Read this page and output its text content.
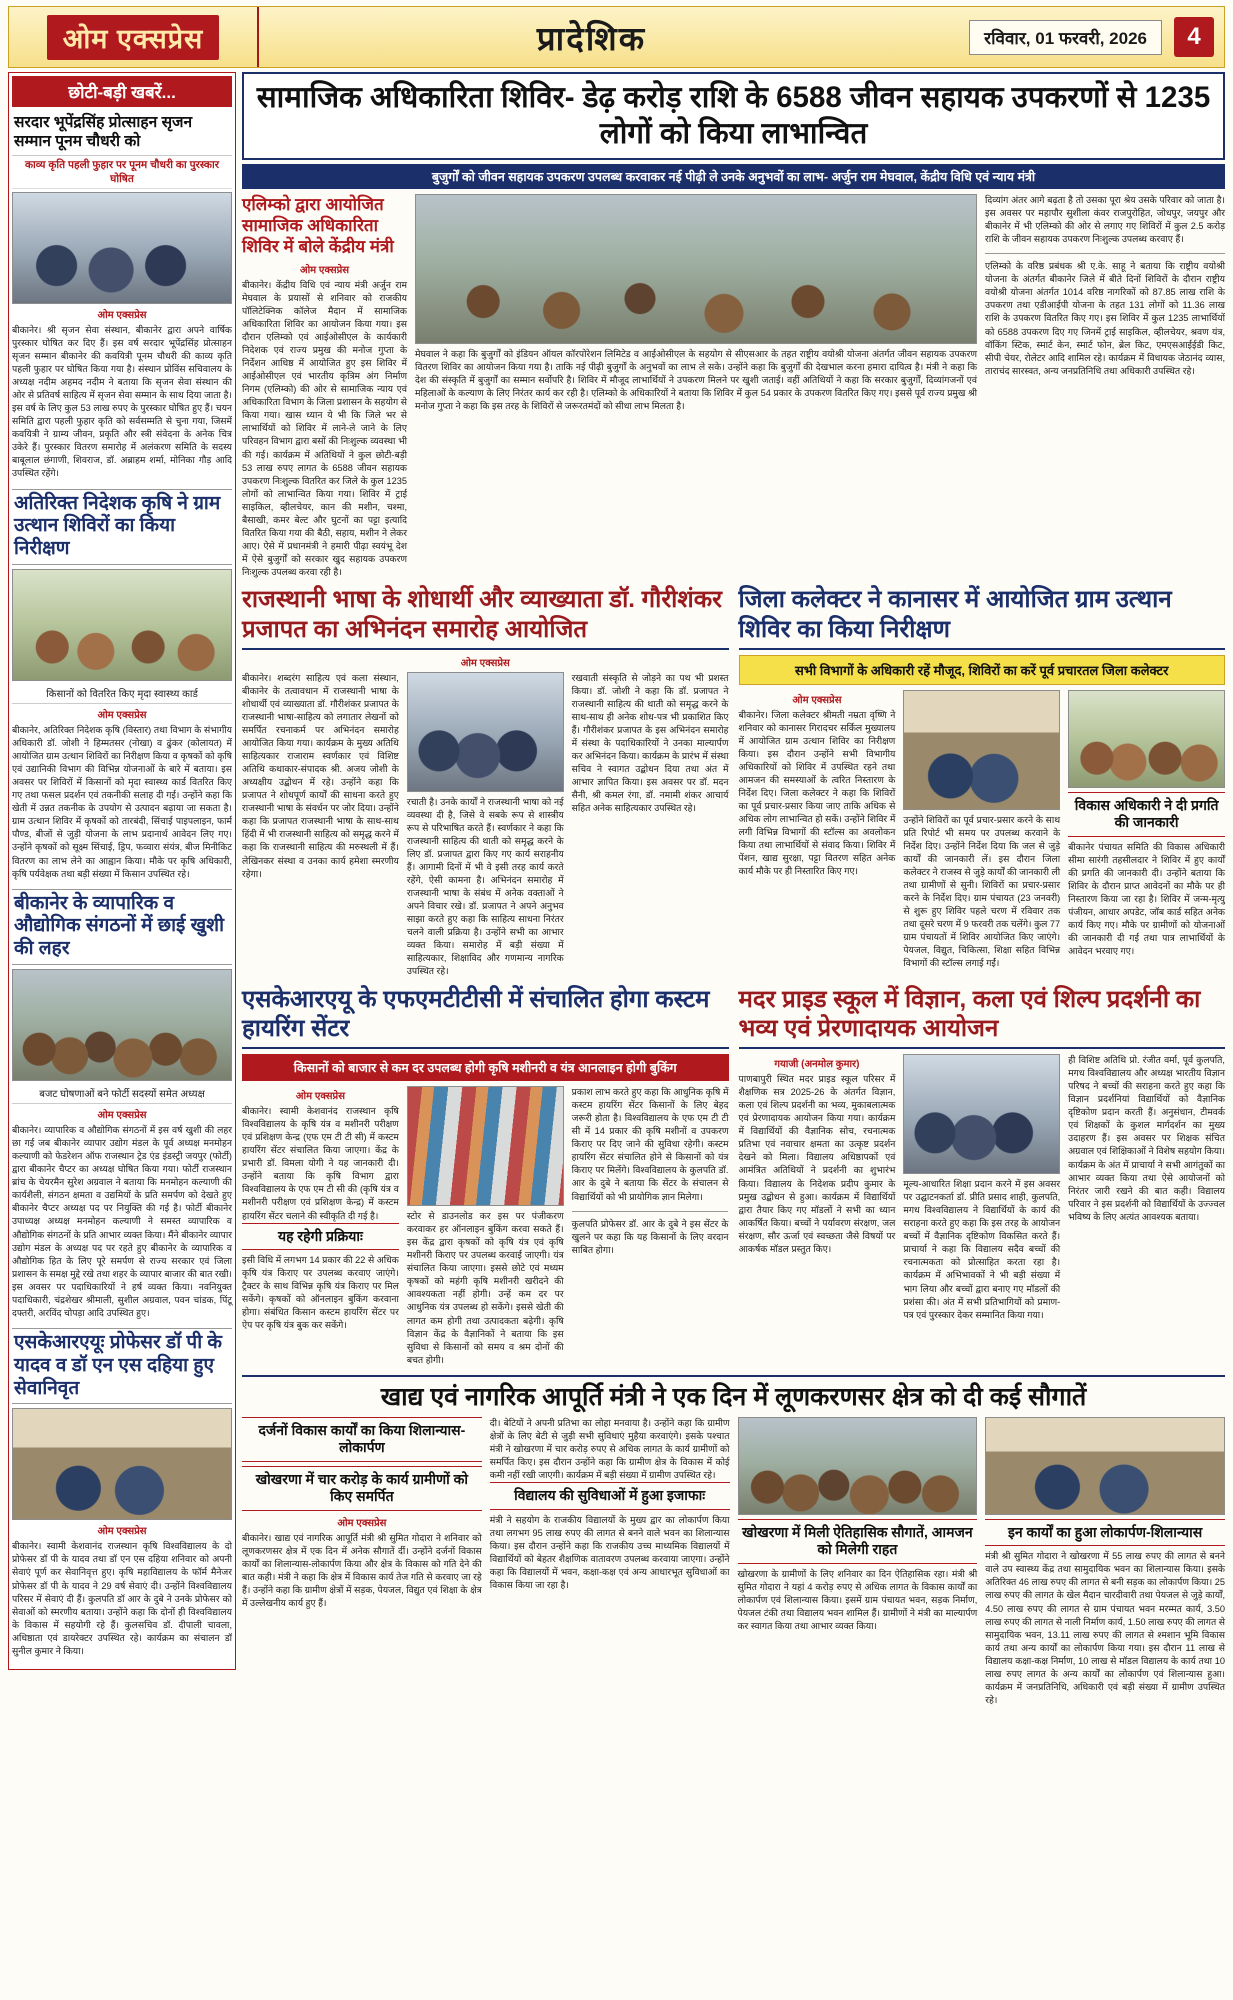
ओम एक्सप्रेस	प्रादेशिक	रविवार, 01 फरवरी, 2026	4
छोटी-बड़ी खबरें...
सरदार भूपेंद्रसिंह प्रोत्साहन सृजन सम्मान पूनम चौधरी को
काव्य कृति पहली फुहार पर पूनम चौधरी का पुरस्कार घोषित
ओम एक्सप्रेस
बीकानेर। श्री सृजन सेवा संस्थान, बीकानेर द्वारा अपने वार्षिक पुरस्कार घोषित कर दिए हैं। इस वर्ष सरदार भूपेंद्रसिंह प्रोत्साहन सृजन सम्मान बीकानेर की कवयित्री पूनम चौधरी की काव्य कृति पहली फुहार पर घोषित किया गया है। संस्थान प्रोविंस सचिवालय के अध्यक्ष नदीम अहमद नदीम ने बताया कि सृजन सेवा संस्थान की ओर से प्रतिवर्ष साहित्य में सृजन सेवा सम्मान के साथ दिया जाता है। इस वर्ष के लिए कुल 53 लाख रुपए के पुरस्कार घोषित हुए हैं। चयन समिति द्वारा पहली फुहार कृति को सर्वसम्मति से चुना गया, जिसमें कवयित्री ने ग्राम्य जीवन, प्रकृति और स्त्री संवेदना के अनेक चित्र उकेरे हैं। पुरस्कार वितरण समारोह में अलंकरण समिति के सदस्य बाबूलाल छंगाणी, शिवराज, डॉ. अब्राहम शर्मा, मोनिका गौड़ आदि उपस्थित रहेंगे।
अतिरिक्त निदेशक कृषि ने ग्राम उत्थान शिविरों का किया निरीक्षण
किसानों को वितरित किए मृदा स्वास्थ्य कार्ड
ओम एक्सप्रेस
बीकानेर, अतिरिक्त निदेशक कृषि (विस्तार) तथा विभाग के संभागीय अधिकारी डॉ. जोशी ने हिम्मतसर (नोखा) व ढुंकर (कोलायत) में आयोजित ग्राम उत्थान शिविरों का निरीक्षण किया व कृषकों को कृषि एवं उद्यानिकी विभाग की विभिन्न योजनाओं के बारे में बताया। इस अवसर पर शिविरों में किसानों को मृदा स्वास्थ्य कार्ड वितरित किए गए तथा फसल प्रदर्शन एवं तकनीकी सलाह दी गई। उन्होंने कहा कि खेती में उन्नत तकनीक के उपयोग से उत्पादन बढ़ाया जा सकता है। ग्राम उत्थान शिविर में कृषकों को तारबंदी, सिंचाई पाइपलाइन, फार्म पौण्ड, बीजों से जुड़ी योजना के लाभ प्रदानार्थ आवेदन लिए गए। उन्होंने कृषकों को सूक्ष्म सिंचाई, ड्रिप, फव्वारा संयंत्र, बीज मिनीकिट वितरण का लाभ लेने का आह्वान किया। मौके पर कृषि अधिकारी, कृषि पर्यवेक्षक तथा बड़ी संख्या में किसान उपस्थित रहे।
बीकानेर के व्यापारिक व औद्योगिक संगठनों में छाई खुशी की लहर
बजट घोषणाओं बने फोर्टी सदस्यों समेत अध्यक्ष
ओम एक्सप्रेस
बीकानेर। व्यापारिक व औद्योगिक संगठनों में इस वर्ष खुशी की लहर छा गई जब बीकानेर व्यापार उद्योग मंडल के पूर्व अध्यक्ष मनमोहन कल्याणी को फेडरेशन ऑफ राजस्थान ट्रेड एंड इंडस्ट्री जयपुर (फोर्टी) द्वारा बीकानेर चैप्टर का अध्यक्ष घोषित किया गया। फोर्टी राजस्थान ब्रांच के चेयरमैन सुरेश अग्रवाल ने बताया कि मनमोहन कल्याणी की कार्यशैली, संगठन क्षमता व उद्यमियों के प्रति समर्पण को देखते हुए बीकानेर चैप्टर अध्यक्ष पद पर नियुक्ति की गई है। फोर्टी बीकानेर उपाध्यक्ष अध्यक्ष मनमोहन कल्याणी ने समस्त व्यापारिक व औद्योगिक संगठनों के प्रति आभार व्यक्त किया। मैंने बीकानेर व्यापार उद्योग मंडल के अध्यक्ष पद पर रहते हुए बीकानेर के व्यापारिक व औद्योगिक हित के लिए पूरे समर्पण से राज्य सरकार एवं जिला प्रशासन के समक्ष मुद्दे रखे तथा शहर के व्यापार बाजार की बात रखी। इस अवसर पर पदाधिकारियों ने हर्ष व्यक्त किया। नवनियुक्त पदाधिकारी, चंद्रशेखर श्रीमाली, सुशील अग्रवाल, पवन चांडक, पिंटू दफ्तरी, अरविंद चोपड़ा आदि उपस्थित हुए।
एसकेआरएयूः प्रोफेसर डॉ पी के यादव व डॉ एन एस दहिया हुए सेवानिवृत
ओम एक्सप्रेस
बीकानेर। स्वामी केशवानंद राजस्थान कृषि विश्वविद्यालय के दो प्रोफेसर डॉ पी के यादव तथा डॉ एन एस दहिया शनिवार को अपनी सेवाएं पूर्ण कर सेवानिवृत्त हुए। कृषि महाविद्यालय के फॉर्म मैनेजर प्रोफेसर डॉ पी के यादव ने 29 वर्ष सेवाएं दी। उन्होंने विश्वविद्यालय परिसर में सेवाएं दी हैं। कुलपति डॉ आर के दुबे ने उनके प्रोफेसर को सेवाओं को स्मरणीय बताया। उन्होंने कहा कि दोनों ही विश्वविद्यालय के विकास में सहयोगी रहे हैं। कुलसचिव डॉ. दीपाली चावला, अधिष्ठाता एवं डायरेक्टर उपस्थित रहे। कार्यक्रम का संचालन डॉ सुनील कुमार ने किया।
सामाजिक अधिकारिता शिविर- डेढ़ करोड़ राशि के 6588 जीवन सहायक उपकरणों से 1235 लोगों को किया लाभान्वित
बुजुर्गों को जीवन सहायक उपकरण उपलब्ध करवाकर नई पीढ़ी ले उनके अनुभवों का लाभ- अर्जुन राम मेघवाल, केंद्रीय विधि एवं न्याय मंत्री
एलिम्को द्वारा आयोजित सामाजिक अधिकारिता शिविर में बोले केंद्रीय मंत्री
ओम एक्सप्रेस
बीकानेर। केंद्रीय विधि एवं न्याय मंत्री अर्जुन राम मेघवाल के प्रयासों से शनिवार को राजकीय पॉलिटेक्निक कॉलेज मैदान में सामाजिक अधिकारिता शिविर का आयोजन किया गया। इस दौरान एलिम्को एवं आईओसीएल के कार्यकारी निदेशक एवं राज्य प्रमुख की मनोज गुप्ता के निर्देशन आधिष्ठ में आयोजित हुए इस शिविर में आईओसीएल एवं भारतीय कृत्रिम अंग निर्माण निगम (एलिम्को) की ओर से सामाजिक न्याय एवं अधिकारिता विभाग के जिला प्रशासन के सहयोग से किया गया। खास ध्यान ये भी कि जिले भर से लाभार्थियों को शिविर में लाने-ले जाने के लिए परिवहन विभाग द्वारा बसों की निःशुल्क व्यवस्था भी की गई। कार्यक्रम में अतिथियों ने कुल छोटी-बड़ी 53 लाख रुपए लागत के 6588 जीवन सहायक उपकरण निःशुल्क वितरित कर जिले के कुल 1235 लोगों को लाभान्वित किया गया। शिविर में ट्राई साइकिल, व्हीलचेयर, कान की मशीन, चश्मा, बैसाखी, कमर बेल्ट और घुटनों का पट्टा इत्यादि वितरित किया गया की बैठी, सहाय, मशीन ने लेकर आए। ऐसे में प्रधानमंत्री ने हमारी पीढ़ा स्वयंभू देश में ऐसे बुजुर्गों को सरकार खुद सहायक उपकरण निःशुल्क उपलब्ध करवा रही है।
मेघवाल ने कहा कि बुजुर्गों को इंडियन ऑयल कॉरपोरेशन लिमिटेड व आईओसीएल के सहयोग से सीएसआर के तहत राष्ट्रीय वयोश्री योजना अंतर्गत जीवन सहायक उपकरण वितरण शिविर का आयोजन किया गया है। ताकि नई पीढ़ी बुजुर्गों के अनुभवों का लाभ ले सके। उन्होंने कहा कि बुजुर्गों की देखभाल करना हमारा दायित्व है। मंत्री ने कहा कि देश की संस्कृति में बुजुर्गों का सम्मान सर्वोपरि है। शिविर में मौजूद लाभार्थियों ने उपकरण मिलने पर खुशी जताई। वहीं अतिथियों ने कहा कि सरकार बुजुर्गों, दिव्यांगजनों एवं महिलाओं के कल्याण के लिए निरंतर कार्य कर रही है। एलिम्को के अधिकारियों ने बताया कि शिविर में कुल 54 प्रकार के उपकरण वितरित किए गए। इससे पूर्व राज्य प्रमुख श्री मनोज गुप्ता ने कहा कि इस तरह के शिविरों से जरूरतमंदों को सीधा लाभ मिलता है।
दिव्यांग अंतर आगे बढ़ता है तो उसका पूरा श्रेय उसके परिवार को जाता है। इस अवसर पर महापौर सुशीला कंवर राजपुरोहित, जोधपुर, जयपुर और बीकानेर में भी एलिम्को की ओर से लगाए गए शिविरों में कुल 2.5 करोड़ राशि के जीवन सहायक उपकरण निःशुल्क उपलब्ध करवाए हैं।
एलिम्को के वरिष्ठ प्रबंधक श्री ए.के. साहू ने बताया कि राष्ट्रीय वयोश्री योजना के अंतर्गत बीकानेर जिले में बीते दिनों शिविरों के दौरान राष्ट्रीय वयोश्री योजना अंतर्गत 1014 वरिष्ठ नागरिकों को 87.85 लाख राशि के उपकरण तथा एडीआईपी योजना के तहत 131 लोगों को 11.36 लाख राशि के उपकरण वितरित किए गए। इस शिविर में कुल 1235 लाभार्थियों को 6588 उपकरण दिए गए जिनमें ट्राई साइकिल, व्हीलचेयर, श्रवण यंत्र, वॉकिंग स्टिक, स्मार्ट केन, स्मार्ट फोन, ब्रेल किट, एमएसआईईडी किट, सीपी चेयर, रोलेटर आदि शामिल रहे। कार्यक्रम में विधायक जेठानंद व्यास, ताराचंद सारस्वत, अन्य जनप्रतिनिधि तथा अधिकारी उपस्थित रहे।
राजस्थानी भाषा के शोधार्थी और व्याख्याता डॉ. गौरीशंकर प्रजापत का अभिनंदन समारोह आयोजित
ओम एक्सप्रेस
बीकानेर। शब्दरंग साहित्य एवं कला संस्थान, बीकानेर के तत्वावधान में राजस्थानी भाषा के शोधार्थी एवं व्याख्याता डॉ. गौरीशंकर प्रजापत के राजस्थानी भाषा-साहित्य को लगातार लेखनों को समर्पित रचनाकर्म पर अभिनंदन समारोह आयोजित किया गया। कार्यक्रम के मुख्य अतिथि साहित्यकार राजाराम स्वर्णकार एवं विशिष्ट अतिथि कथाकार-संपादक श्री. अजय जोशी के अध्यक्षीय उद्बोधन में रहे। उन्होंने कहा कि प्रजापत ने शोधपूर्ण कार्यों की साधना करते हुए राजस्थानी भाषा के संवर्धन पर जोर दिया। उन्होंने कहा कि प्रजापत राजस्थानी भाषा के साथ-साथ हिंदी में भी राजस्थानी साहित्य को समृद्ध करने में कहा कि राजस्थानी साहित्य की मरुस्थली में हैं। लेखिनकर संस्था व उनका कार्य हमेशा स्मरणीय रहेगा।
रचाती है। उनके कार्यों ने राजस्थानी भाषा को नई व्यवस्था दी है, जिसे वे सबके रूप से शास्त्रीय रूप से परिभाषित करते हैं। स्वर्णकार ने कहा कि राजस्थानी साहित्य की थाती को समृद्ध करने के लिए डॉ. प्रजापत द्वारा किए गए कार्य सराहनीय हैं। आगामी दिनों में भी वे इसी तरह कार्य करते रहेंगे, ऐसी कामना है। अभिनंदन समारोह में राजस्थानी भाषा के संबंध में अनेक वक्ताओं ने अपने विचार रखे। डॉ. प्रजापत ने अपने अनुभव साझा करते हुए कहा कि साहित्य साधना निरंतर चलने वाली प्रक्रिया है। उन्होंने सभी का आभार व्यक्त किया। समारोह में बड़ी संख्या में साहित्यकार, शिक्षाविद और गणमान्य नागरिक उपस्थित रहे।
रखवाती संस्कृति से जोड़ने का पथ भी प्रशस्त किया। डॉ. जोशी ने कहा कि डॉ. प्रजापत ने राजस्थानी साहित्य की थाती को समृद्ध करने के साथ-साथ ही अनेक शोध-पत्र भी प्रकाशित किए हैं। गौरीशंकर प्रजापत के इस अभिनंदन समारोह में संस्था के पदाधिकारियों ने उनका माल्यार्पण कर अभिनंदन किया। कार्यक्रम के प्रारंभ में संस्था सचिव ने स्वागत उद्बोधन दिया तथा अंत में आभार ज्ञापित किया। इस अवसर पर डॉ. मदन सैनी, श्री कमल रंगा, डॉ. नमामी शंकर आचार्य सहित अनेक साहित्यकार उपस्थित रहे।
जिला कलेक्टर ने कानासर में आयोजित ग्राम उत्थान शिविर का किया निरीक्षण
सभी विभागों के अधिकारी रहें मौजूद, शिविरों का करें पूर्व प्रचारतल जिला कलेक्टर
ओम एक्सप्रेस
बीकानेर। जिला कलेक्टर श्रीमती नम्रता वृष्णि ने शनिवार को कानासर गिरादचर सर्किल मुख्यालय में आयोजित ग्राम उत्थान शिविर का निरीक्षण किया। इस दौरान उन्होंने सभी विभागीय अधिकारियों को शिविर में उपस्थित रहने तथा आमजन की समस्याओं के त्वरित निस्तारण के निर्देश दिए। जिला कलेक्टर ने कहा कि शिविरों का पूर्व प्रचार-प्रसार किया जाए ताकि अधिक से अधिक लोग लाभान्वित हो सकें। उन्होंने शिविर में लगी विभिन्न विभागों की स्टॉल्स का अवलोकन किया तथा लाभार्थियों से संवाद किया। शिविर में पेंशन, खाद्य सुरक्षा, पट्टा वितरण सहित अनेक कार्य मौके पर ही निस्तारित किए गए।
उन्होंने शिविरों का पूर्व प्रचार-प्रसार करने के साथ प्रति रिपोर्ट भी समय पर उपलब्ध करवाने के निर्देश दिए। उन्होंने निर्देश दिया कि जल से जुड़े कार्यों की जानकारी लें। इस दौरान जिला कलेक्टर ने राजस्व से जुड़े कार्यों की जानकारी ली तथा ग्रामीणों से सुनी। शिविरों का प्रचार-प्रसार करने के निर्देश दिए। ग्राम पंचायत (23 जनवरी) से शुरू हुए शिविर पहले चरण में रविवार तक तथा दूसरे चरण में 9 फरवरी तक चलेंगे। कुल 77 ग्राम पंचायतों में शिविर आयोजित किए जाएंगे। पेयजल, विद्युत, चिकित्सा, शिक्षा सहित विभिन्न विभागों की स्टॉल्स लगाई गईं।
विकास अधिकारी ने दी प्रगति की जानकारी
बीकानेर पंचायत समिति की विकास अधिकारी सीमा सारंगी तहसीलदार ने शिविर में हुए कार्यों की प्रगति की जानकारी दी। उन्होंने बताया कि शिविर के दौरान प्राप्त आवेदनों का मौके पर ही निस्तारण किया जा रहा है। शिविर में जन्म-मृत्यु पंजीयन, आधार अपडेट, जॉब कार्ड सहित अनेक कार्य किए गए। मौके पर ग्रामीणों को योजनाओं की जानकारी दी गई तथा पात्र लाभार्थियों के आवेदन भरवाए गए।
एसकेआरएयू के एफएमटीटीसी में संचालित होगा कस्टम हायरिंग सेंटर
किसानों को बाजार से कम दर उपलब्ध होगी कृषि मशीनरी व यंत्र आनलाइन होगी बुकिंग
ओम एक्सप्रेस
बीकानेर। स्वामी केशवानंद राजस्थान कृषि विश्वविद्यालय के कृषि यंत्र व मशीनरी परीक्षण एवं प्रशिक्षण केन्द्र (एफ एम टी टी सी) में कस्टम हायरिंग सेंटर संचालित किया जाएगा। केंद्र के प्रभारी डॉ. विमला योगी ने यह जानकारी दी। उन्होंने बताया कि कृषि विभाग द्वारा विश्वविद्यालय के एफ एम टी सी की (कृषि यंत्र व मशीनरी परीक्षण एवं प्रशिक्षण केन्द्र) में कस्टम हायरिंग सेंटर चलाने की स्वीकृति दी गई है।
यह रहेगी प्रक्रियाः
इसी विधि में लगभग 14 प्रकार की 22 से अधिक कृषि यंत्र किराए पर उपलब्ध करवाए जाएंगे। ट्रैक्टर के साथ विभिन्न कृषि यंत्र किराए पर मिल सकेंगे। कृषकों को ऑनलाइन बुकिंग करवाना होगा। संबंधित किसान कस्टम हायरिंग सेंटर पर ऐप पर कृषि यंत्र बुक कर सकेंगे।
स्टोर से डाउनलोड कर इस पर पंजीकरण करवाकर हर ऑनलाइन बुकिंग करवा सकते हैं। इस केंद्र द्वारा कृषकों को कृषि यंत्र एवं कृषि मशीनरी किराए पर उपलब्ध करवाई जाएगी। यंत्र संचालित किया जाएगा। इससे छोटे एवं मध्यम कृषकों को महंगी कृषि मशीनरी खरीदने की आवश्यकता नहीं होगी। उन्हें कम दर पर आधुनिक यंत्र उपलब्ध हो सकेंगे। इससे खेती की लागत कम होगी तथा उत्पादकता बढ़ेगी। कृषि विज्ञान केंद्र के वैज्ञानिकों ने बताया कि इस सुविधा से किसानों को समय व श्रम दोनों की बचत होगी।
प्रकाश लाभ करते हुए कहा कि आधुनिक कृषि में कस्टम हायरिंग सेंटर किसानों के लिए बेहद जरूरी होता है। विश्वविद्यालय के एफ एम टी टी सी में 14 प्रकार की कृषि मशीनों व उपकरण किराए पर दिए जाने की सुविधा रहेगी। कस्टम हायरिंग सेंटर संचालित होने से किसानों को यंत्र किराए पर मिलेंगे। विश्वविद्यालय के कुलपति डॉ. आर के दुबे ने बताया कि सेंटर के संचालन से विद्यार्थियों को भी प्रायोगिक ज्ञान मिलेगा।
कुलपति प्रोफेसर डॉ. आर के दुबे ने इस सेंटर के खुलने पर कहा कि यह किसानों के लिए वरदान साबित होगा।
मदर प्राइड स्कूल में विज्ञान, कला एवं शिल्प प्रदर्शनी का भव्य एवं प्रेरणादायक आयोजन
गयाजी (अनमोल कुमार)
पाणबापुरी स्थित मदर प्राइड स्कूल परिसर में शैक्षणिक सत्र 2025-26 के अंतर्गत विज्ञान, कला एवं शिल्प प्रदर्शनी का भव्य, मुकाबलात्मक एवं प्रेरणादायक आयोजन किया गया। कार्यक्रम में विद्यार्थियों की वैज्ञानिक सोच, रचनात्मक प्रतिभा एवं नवाचार क्षमता का उत्कृष्ट प्रदर्शन देखने को मिला। विद्यालय अधिष्ठापकों एवं आमंत्रित अतिथियों ने प्रदर्शनी का शुभारंभ किया। विद्यालय के निदेशक प्रदीप कुमार के प्रमुख उद्बोधन से हुआ। कार्यक्रम में विद्यार्थियों द्वारा तैयार किए गए मॉडलों ने सभी का ध्यान आकर्षित किया। बच्चों ने पर्यावरण संरक्षण, जल संरक्षण, सौर ऊर्जा एवं स्वच्छता जैसे विषयों पर आकर्षक मॉडल प्रस्तुत किए।
मूल्य-आधारित शिक्षा प्रदान करने में इस अवसर पर उद्घाटनकर्ता डॉ. प्रीति प्रसाद शाही, कुलपति, मगध विश्वविद्यालय ने विद्यार्थियों के कार्य की सराहना करते हुए कहा कि इस तरह के आयोजन बच्चों में वैज्ञानिक दृष्टिकोण विकसित करते हैं। प्राचार्या ने कहा कि विद्यालय सदैव बच्चों की रचनात्मकता को प्रोत्साहित करता रहा है। कार्यक्रम में अभिभावकों ने भी बड़ी संख्या में भाग लिया और बच्चों द्वारा बनाए गए मॉडलों की प्रशंसा की। अंत में सभी प्रतिभागियों को प्रमाण-पत्र एवं पुरस्कार देकर सम्मानित किया गया।
ही विशिष्ट अतिथि प्रो. रंजीत वर्मा, पूर्व कुलपति, मगध विश्वविद्यालय और अध्यक्ष भारतीय विज्ञान परिषद ने बच्चों की सराहना करते हुए कहा कि विज्ञान प्रदर्शनियां विद्यार्थियों को वैज्ञानिक दृष्टिकोण प्रदान करती हैं। अनुसंधान, टीमवर्क एवं शिक्षकों के कुशल मार्गदर्शन का मुख्य उदाहरण हैं। इस अवसर पर शिक्षक संचित अग्रवाल एवं शिक्षिकाओं ने विशेष सहयोग किया। कार्यक्रम के अंत में प्राचार्या ने सभी आगंतुकों का आभार व्यक्त किया तथा ऐसे आयोजनों को निरंतर जारी रखने की बात कही। विद्यालय परिवार ने इस प्रदर्शनी को विद्यार्थियों के उज्ज्वल भविष्य के लिए अत्यंत आवश्यक बताया।
खाद्य एवं नागरिक आपूर्ति मंत्री ने एक दिन में लूणकरणसर क्षेत्र को दी कई सौगातें
दर्जनों विकास कार्यों का किया शिलान्यास-लोकार्पण
खोखरणा में चार करोड़ के कार्य ग्रामीणों को किए समर्पित
ओम एक्सप्रेस
बीकानेर। खाद्य एवं नागरिक आपूर्ति मंत्री श्री सुमित गोदारा ने शनिवार को लूणकरणसर क्षेत्र में एक दिन में अनेक सौगातें दीं। उन्होंने दर्जनों विकास कार्यों का शिलान्यास-लोकार्पण किया और क्षेत्र के विकास को गति देने की बात कही। मंत्री ने कहा कि क्षेत्र में विकास कार्य तेज गति से करवाए जा रहे हैं। उन्होंने कहा कि ग्रामीण क्षेत्रों में सड़क, पेयजल, विद्युत एवं शिक्षा के क्षेत्र में उल्लेखनीय कार्य हुए हैं।
दी। बेटियों ने अपनी प्रतिभा का लोहा मनवाया है। उन्होंने कहा कि ग्रामीण क्षेत्रों के लिए बेटी से जुड़ी सभी सुविधाएं मुहैया करवाएंगे। इसके पश्चात मंत्री ने खोखरणा में चार करोड़ रुपए से अधिक लागत के कार्य ग्रामीणों को समर्पित किए। इस दौरान उन्होंने कहा कि ग्रामीण क्षेत्र के विकास में कोई कमी नहीं रखी जाएगी। कार्यक्रम में बड़ी संख्या में ग्रामीण उपस्थित रहे।
विद्यालय की सुविधाओं में हुआ इजाफाः
मंत्री ने सहयोग के राजकीय विद्यालयों के मुख्य द्वार का लोकार्पण किया तथा लगभग 95 लाख रुपए की लागत से बनने वाले भवन का शिलान्यास किया। इस दौरान उन्होंने कहा कि राजकीय उच्च माध्यमिक विद्यालयों में विद्यार्थियों को बेहतर शैक्षणिक वातावरण उपलब्ध करवाया जाएगा। उन्होंने कहा कि विद्यालयों में भवन, कक्षा-कक्ष एवं अन्य आधारभूत सुविधाओं का विकास किया जा रहा है।
खोखरणा में मिली ऐतिहासिक सौगातें, आमजन को मिलेगी राहत
खोखरणा के ग्रामीणों के लिए शनिवार का दिन ऐतिहासिक रहा। मंत्री श्री सुमित गोदारा ने यहां 4 करोड़ रुपए से अधिक लागत के विकास कार्यों का लोकार्पण एवं शिलान्यास किया। इसमें ग्राम पंचायत भवन, सड़क निर्माण, पेयजल टंकी तथा विद्यालय भवन शामिल हैं। ग्रामीणों ने मंत्री का माल्यार्पण कर स्वागत किया तथा आभार व्यक्त किया।
इन कार्यों का हुआ लोकार्पण-शिलान्यास
मंत्री श्री सुमित गोदारा ने खोखरणा में 55 लाख रुपए की लागत से बनने वाले उप स्वास्थ्य केंद्र तथा सामुदायिक भवन का शिलान्यास किया। इसके अतिरिक्त 46 लाख रुपए की लागत से बनी सड़क का लोकार्पण किया। 25 लाख रुपए की लागत के खेल मैदान चारदीवारी तथा पेयजल से जुड़े कार्यों, 4.50 लाख रुपए की लागत से ग्राम पंचायत भवन मरम्मत कार्य, 3.50 लाख रुपए की लागत से नाली निर्माण कार्य, 1.50 लाख रुपए की लागत से सामुदायिक भवन, 13.11 लाख रुपए की लागत से श्मशान भूमि विकास कार्य तथा अन्य कार्यों का लोकार्पण किया गया। इस दौरान 11 लाख से विद्यालय कक्षा-कक्ष निर्माण, 10 लाख से मॉडल विद्यालय के कार्य तथा 10 लाख रुपए लागत के अन्य कार्यों का लोकार्पण एवं शिलान्यास हुआ। कार्यक्रम में जनप्रतिनिधि, अधिकारी एवं बड़ी संख्या में ग्रामीण उपस्थित रहे।
